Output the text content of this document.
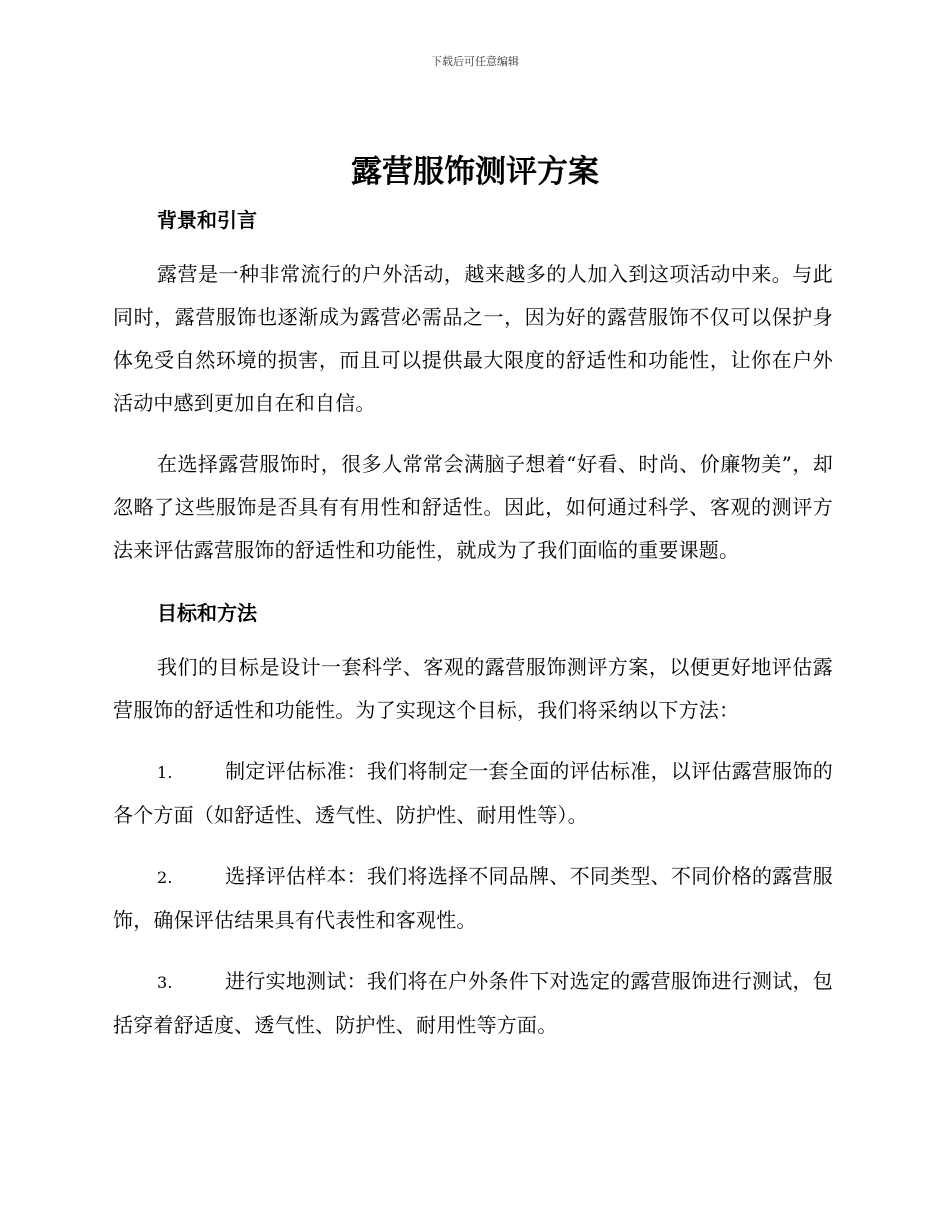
下载后可任意编辑
露营服饰测评方案
背景和引言

露营是一种非常流行的户外活动，越来越多的人加入到这项活动中来。与此同时，露营服饰也逐渐成为露营必需品之一，因为好的露营服饰不仅可以保护身体免受自然环境的损害，而且可以提供最大限度的舒适性和功能性，让你在户外活动中感到更加自在和自信。

在选择露营服饰时，很多人常常会满脑子想着“好看、时尚、价廉物美”，却忽略了这些服饰是否具有有用性和舒适性。因此，如何通过科学、客观的测评方法来评估露营服饰的舒适性和功能性，就成为了我们面临的重要课题。

目标和方法

我们的目标是设计一套科学、客观的露营服饰测评方案，以便更好地评估露营服饰的舒适性和功能性。为了实现这个目标，我们将采纳以下方法：

1.	制定评估标准：我们将制定一套全面的评估标准，以评估露营服饰的各个方面（如舒适性、透气性、防护性、耐用性等）。

2.	选择评估样本：我们将选择不同品牌、不同类型、不同价格的露营服饰，确保评估结果具有代表性和客观性。

3.	进行实地测试：我们将在户外条件下对选定的露营服饰进行测试，包括穿着舒适度、透气性、防护性、耐用性等方面。
